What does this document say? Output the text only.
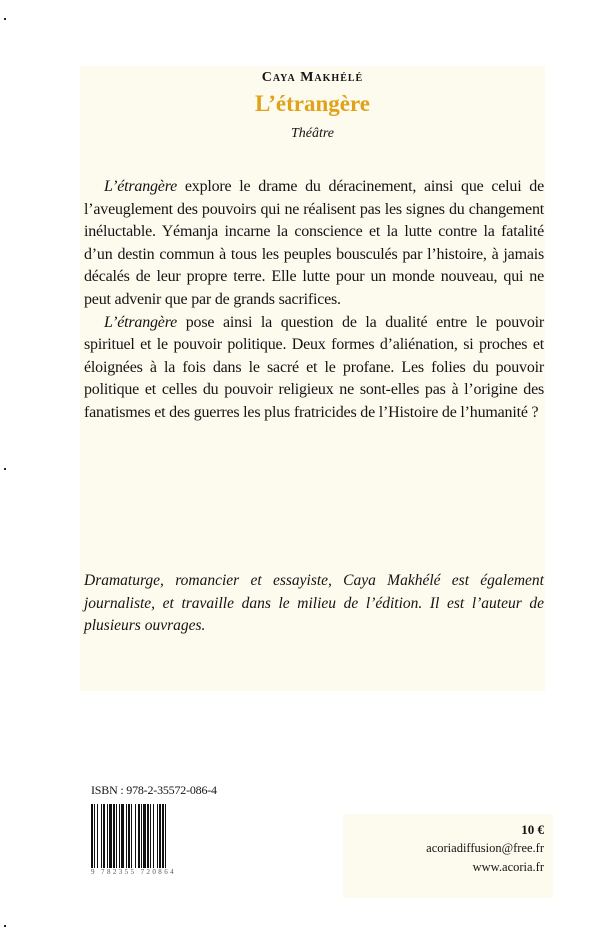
Caya Makhélé
L’étrangère
Théâtre

L’étrangère explore le drame du déracinement, ainsi que celui de l’aveuglement des pouvoirs qui ne réalisent pas les signes du changement inéluctable. Yémanja incarne la conscience et la lutte contre la fatalité d’un destin commun à tous les peuples bousculés par l’histoire, à jamais décalés de leur propre terre. Elle lutte pour un monde nouveau, qui ne peut advenir que par de grands sacrifices.

L’étrangère pose ainsi la question de la dualité entre le pouvoir spirituel et le pouvoir politique. Deux formes d’aliénation, si proches et éloignées à la fois dans le sacré et le profane. Les folies du pouvoir politique et celles du pouvoir religieux ne sont-elles pas à l’origine des fanatismes et des guerres les plus fratricides de l’Histoire de l’humanité ?

Dramaturge, romancier et essayiste, Caya Makhélé est également journaliste, et travaille dans le milieu de l’édition. Il est l’auteur de plusieurs ouvrages.
ISBN : 978-2-35572-086-4
9 782355 720864
10 €
acoriadiffusion@free.fr
www.acoria.fr
